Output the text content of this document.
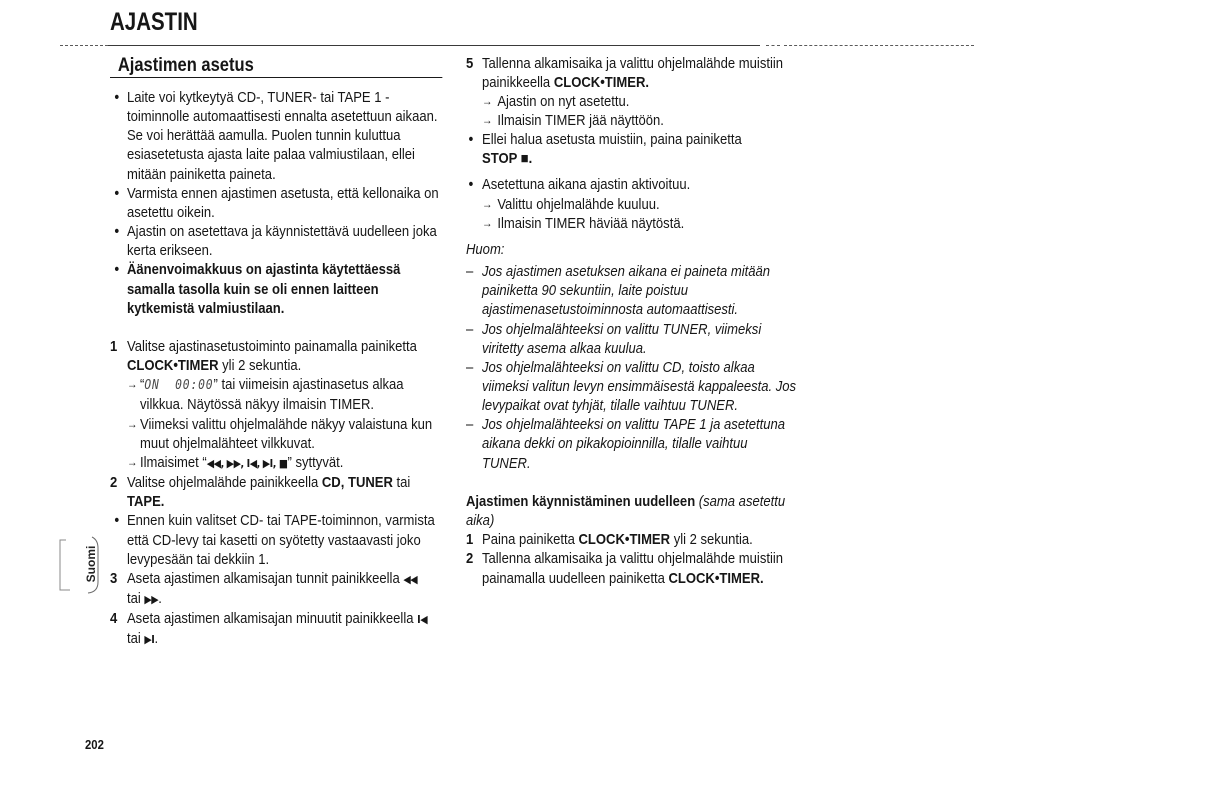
AJASTIN
Ajastimen asetus
• Laite voi kytkeytyä CD-, TUNER- tai TAPE 1 -
toiminnolle automaattisesti ennalta asetettuun aikaan.
Se voi herättää aamulla. Puolen tunnin kuluttua
esiasetetusta ajasta laite palaa valmiustilaan, ellei
mitään painiketta paineta.
• Varmista ennen ajastimen asetusta, että kellonaika on
asetettu oikein.
• Ajastin on asetettava ja käynnistettävä uudelleen joka
kerta erikseen.
• Äänenvoimakkuus on ajastinta käytettäessä
samalla tasolla kuin se oli ennen laitteen
kytkemistä valmiustilaan.
1 Valitse ajastinasetustoiminto painamalla painiketta
CLOCK•TIMER yli 2 sekuntia.
→ “ON  00:00” tai viimeisin ajastinasetus alkaa
vilkkua. Näytössä näkyy ilmaisin TIMER.
→ Viimeksi valittu ohjelmalähde näkyy valaistuna kun
muut ohjelmalähteet vilkkuvat.
→ Ilmaisimet “◀◀, ▶▶, I◀, ▶I, ■” syttyvät.
2 Valitse ohjelmalähde painikkeella CD, TUNER tai
TAPE.
• Ennen kuin valitset CD- tai TAPE-toiminnon, varmista
että CD-levy tai kasetti on syötetty vastaavasti joko
levypesään tai dekkiin 1.
3 Aseta ajastimen alkamisajan tunnit painikkeella ◀◀
tai ▶▶.
4 Aseta ajastimen alkamisajan minuutit painikkeella I◀
tai ▶I.
5 Tallenna alkamisaika ja valittu ohjelmalähde muistiin
painikkeella CLOCK•TIMER.
→ Ajastin on nyt asetettu.
→ Ilmaisin TIMER jää näyttöön.
• Ellei halua asetusta muistiin, paina painiketta
STOP ■.
• Asetettuna aikana ajastin aktivoituu.
→ Valittu ohjelmalähde kuuluu.
→ Ilmaisin TIMER häviää näytöstä.
Huom:
– Jos ajastimen asetuksen aikana ei paineta mitään
painiketta 90 sekuntiin, laite poistuu
ajastimenasetustoiminnosta automaattisesti.
– Jos ohjelmalähteeksi on valittu TUNER, viimeksi
viritetty asema alkaa kuulua.
– Jos ohjelmalähteeksi on valittu CD, toisto alkaa
viimeksi valitun levyn ensimmäisestä kappaleesta. Jos
levypaikat ovat tyhjät, tilalle vaihtuu TUNER.
– Jos ohjelmalähteeksi on valittu TAPE 1 ja asetettuna
aikana dekki on pikakopioinnilla, tilalle vaihtuu
TUNER.
Ajastimen käynnistäminen uudelleen (sama asetettu
aika)
1 Paina painiketta CLOCK•TIMER yli 2 sekuntia.
2 Tallenna alkamisaika ja valittu ohjelmalähde muistiin
painamalla uudelleen painiketta CLOCK•TIMER.
Suomi
202
